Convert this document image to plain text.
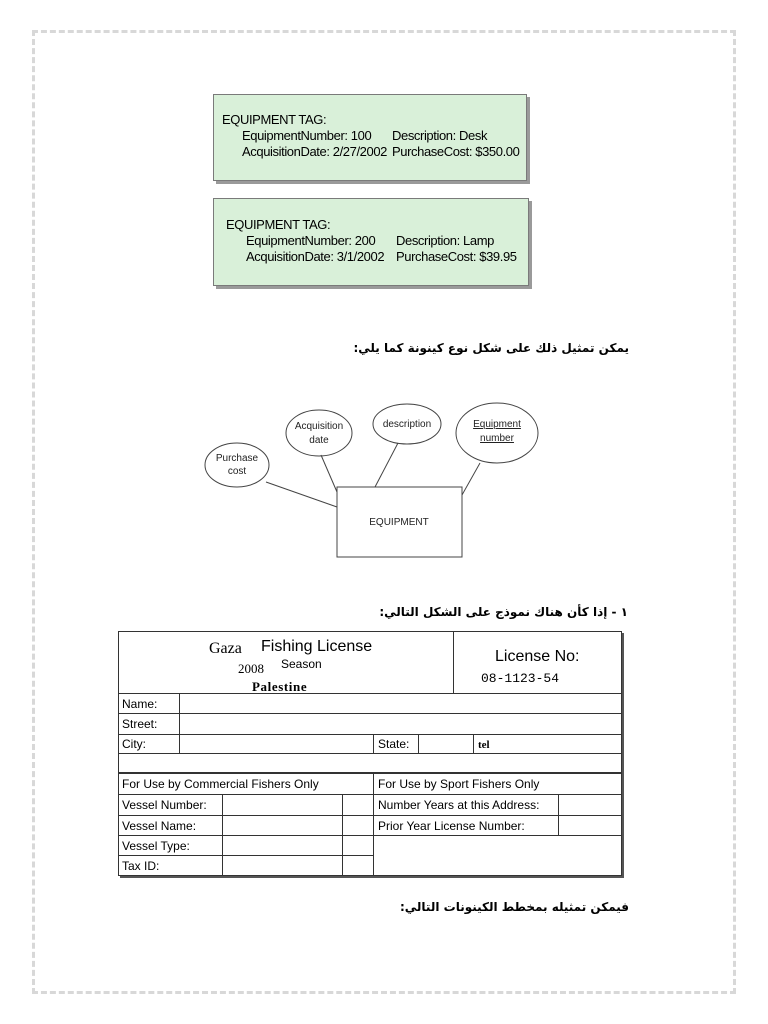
EQUIPMENT TAG:
EquipmentNumber: 100 Description: Desk
AcquisitionDate: 2/27/2002 PurchaseCost: $350.00
EQUIPMENT TAG:
EquipmentNumber: 200 Description: Lamp
AcquisitionDate: 3/1/2002 PurchaseCost: $39.95
يمكن تمثيل ذلك على شكل نوع كينونة كما يلي:
Purchase
cost
Acquisition
date
description	Equipment
number
EQUIPMENT
١ - إذا كأن هناك نموذج على الشكل التالي:
Gaza Fishing License
2008 Season
Palestine
License No:
08-1123-54
Name:
Street:
City:	State:	tel
For Use by Commercial Fishers Only	For Use by Sport Fishers Only
Vessel Number:	Number Years at this Address:
Vessel Name:	Prior Year License Number:
Vessel Type:
Tax ID:
فيمكن تمثيله بمخطط الكينونات التالي:
